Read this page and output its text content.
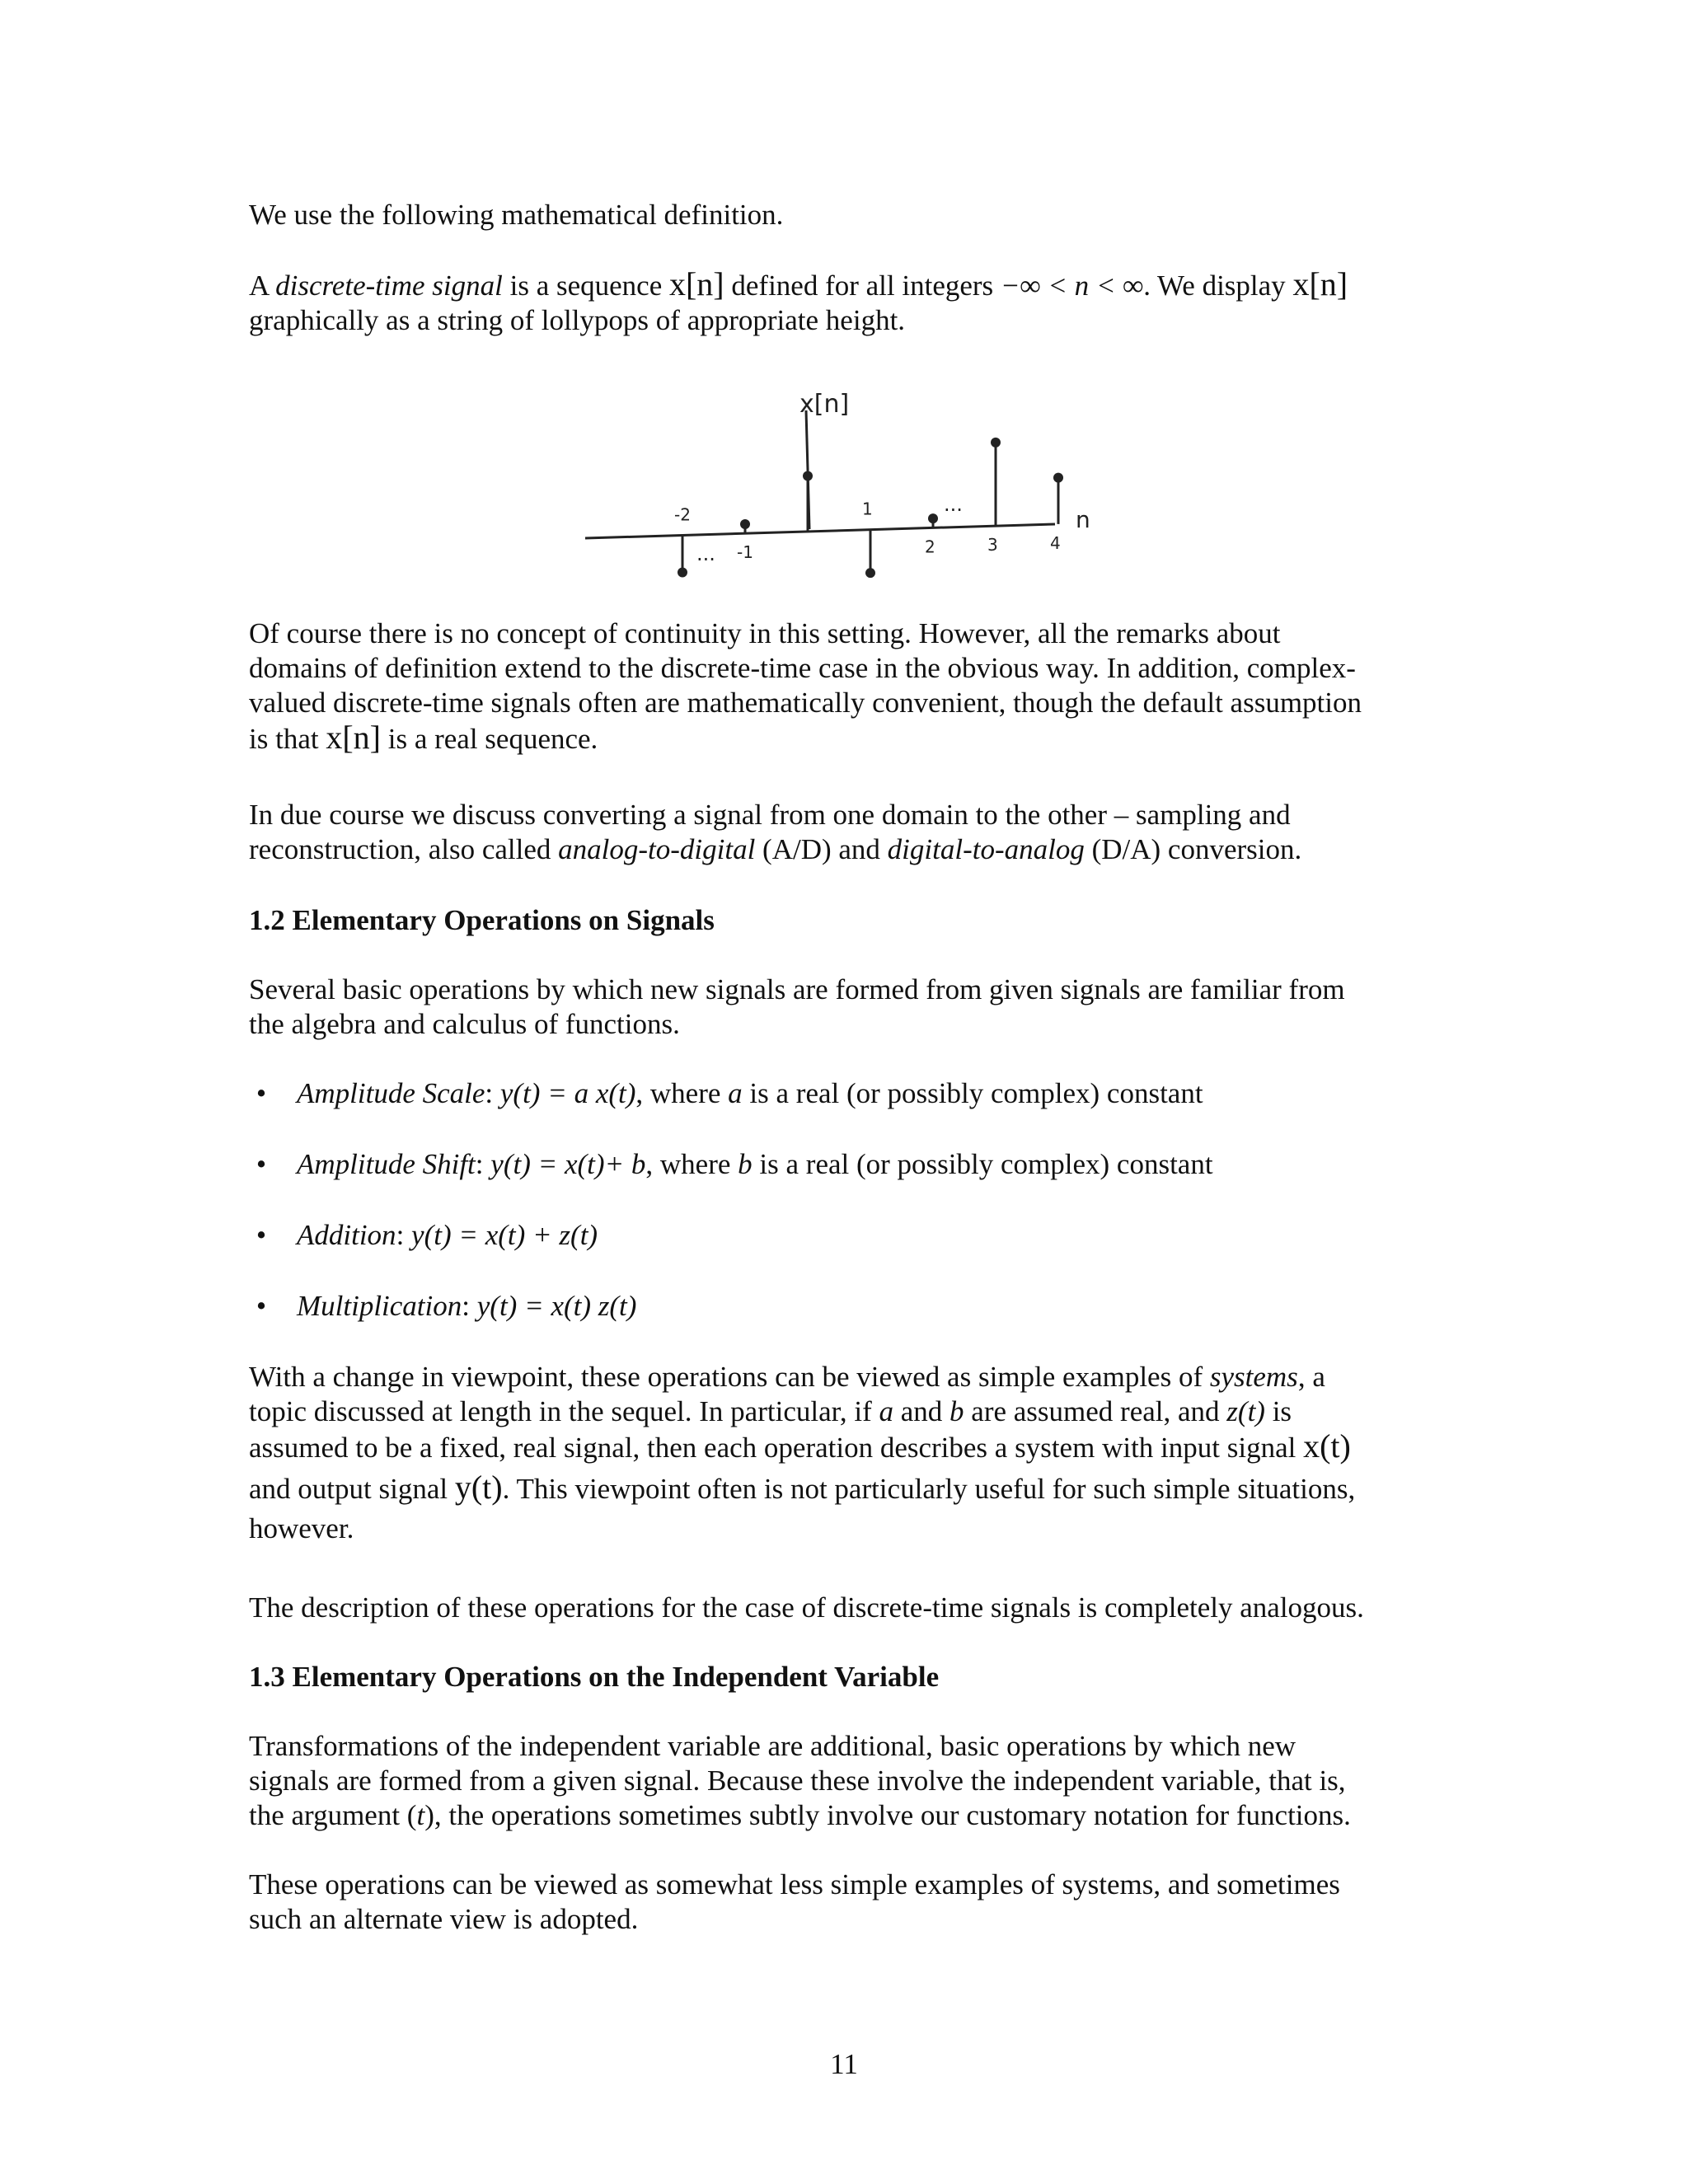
We use the following mathematical definition.

A discrete-time signal is a sequence x[n] defined for all integers −∞ < n < ∞. We display x[n]
graphically as a string of lollypops of appropriate height.
x[n]
n
...
...
-2
-1
1
2	3	4
Of course there is no concept of continuity in this setting. However, all the remarks about
domains of definition extend to the discrete-time case in the obvious way. In addition, complex-
valued discrete-time signals often are mathematically convenient, though the default assumption
is that x[n] is a real sequence.
In due course we discuss converting a signal from one domain to the other – sampling and
reconstruction, also called analog-to-digital (A/D) and digital-to-analog (D/A) conversion.
1.2 Elementary Operations on Signals
Several basic operations by which new signals are formed from given signals are familiar from
the algebra and calculus of functions.
• Amplitude Scale: y(t) = a x(t), where a is a real (or possibly complex) constant
• Amplitude Shift: y(t) = x(t)+ b, where b is a real (or possibly complex) constant
• Addition: y(t) = x(t) + z(t)
• Multiplication: y(t) = x(t) z(t)
With a change in viewpoint, these operations can be viewed as simple examples of systems, a
topic discussed at length in the sequel. In particular, if a and b are assumed real, and z(t) is
assumed to be a fixed, real signal, then each operation describes a system with input signal x(t)
and output signal y(t). This viewpoint often is not particularly useful for such simple situations,
however.
The description of these operations for the case of discrete-time signals is completely analogous.
1.3 Elementary Operations on the Independent Variable
Transformations of the independent variable are additional, basic operations by which new
signals are formed from a given signal. Because these involve the independent variable, that is,
the argument (t), the operations sometimes subtly involve our customary notation for functions.
These operations can be viewed as somewhat less simple examples of systems, and sometimes
such an alternate view is adopted.
11
